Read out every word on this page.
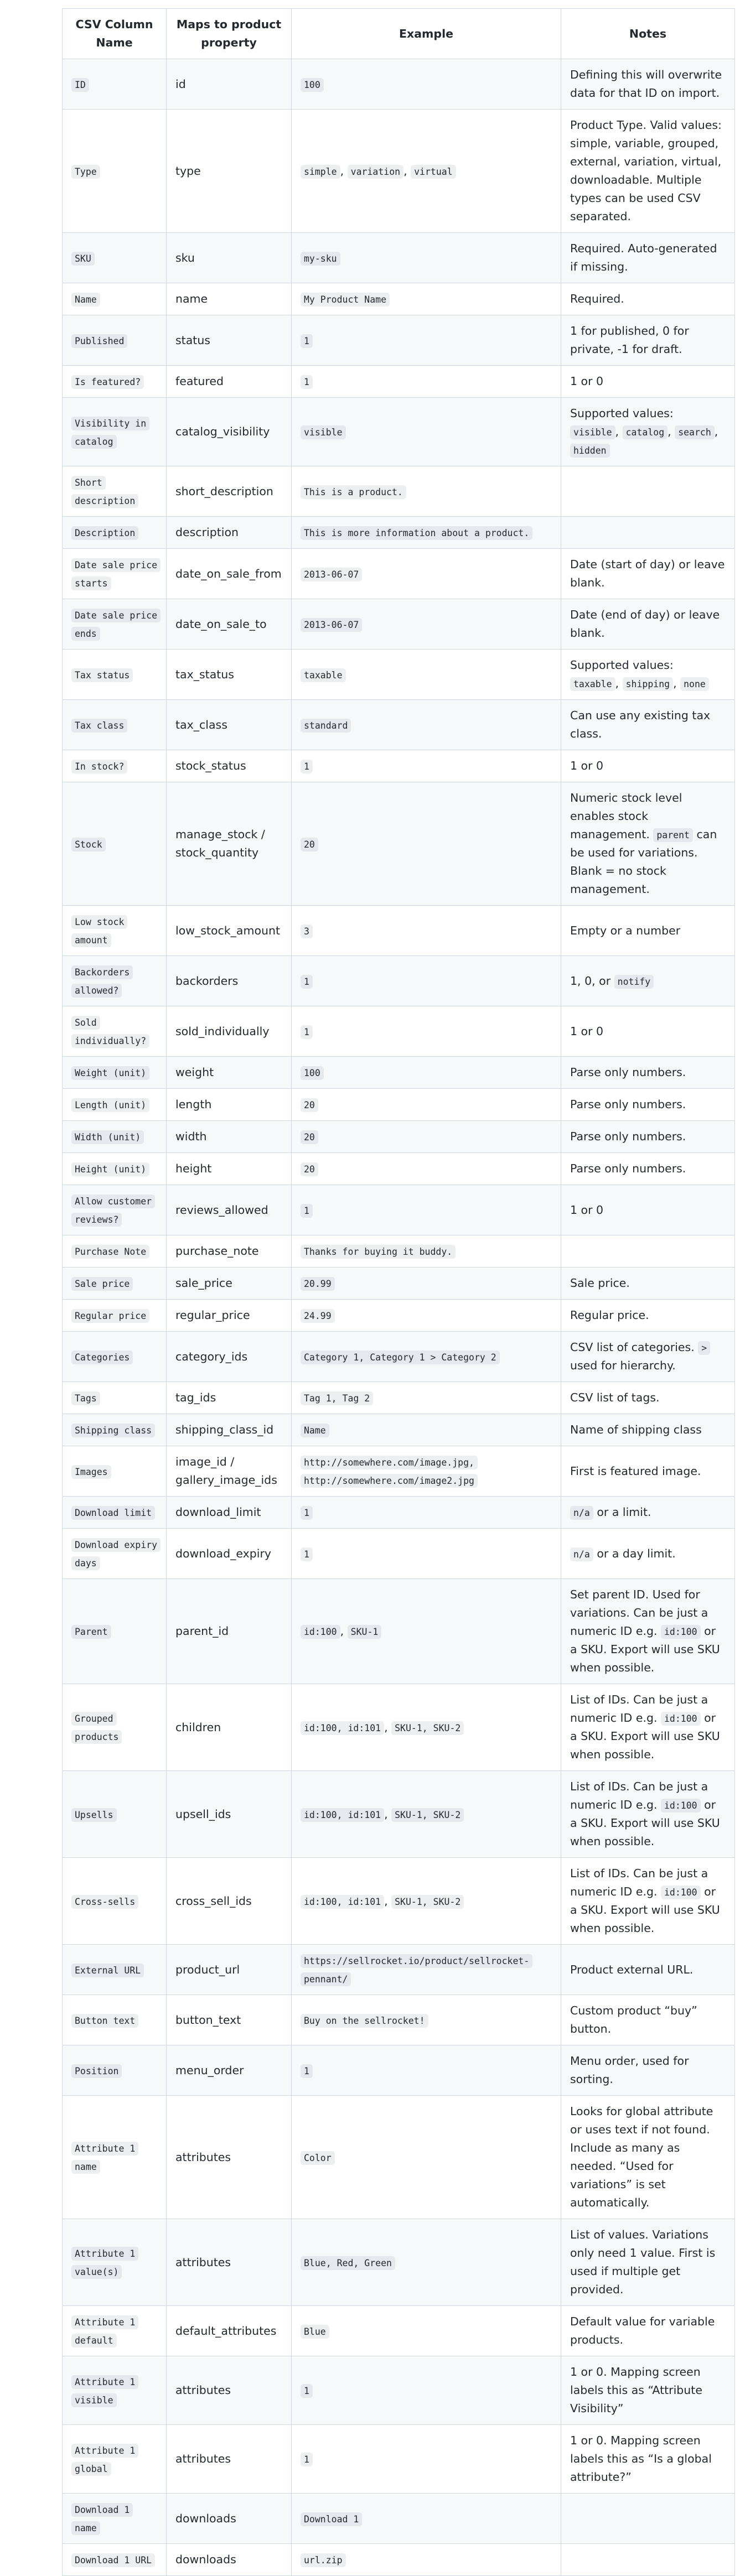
CSV Column Name	Maps to product property	Example	Notes
ID	id	100	Defining this will overwrite data for that ID on import.
Type	type	simple , variation , virtual	Product Type. Valid values: simple, variable, grouped, external, variation, virtual, downloadable. Multiple types can be used CSV separated.
SKU	sku	my-sku	Required. Auto-generated if missing.
Name	name	My Product Name	Required.
Published	status	1	1 for published, 0 for private, -1 for draft.
Is featured?	featured	1	1 or 0
Visibility in catalog	catalog_visibility	visible	Supported values: visible , catalog , search , hidden
Short description	short_description	This is a product.	
Description	description	This is more information about a product.	
Date sale price starts	date_on_sale_from	2013-06-07	Date (start of day) or leave blank.
Date sale price ends	date_on_sale_to	2013-06-07	Date (end of day) or leave blank.
Tax status	tax_status	taxable	Supported values: taxable , shipping , none
Tax class	tax_class	standard	Can use any existing tax class.
In stock?	stock_status	1	1 or 0
Stock	manage_stock / stock_quantity	20	Numeric stock level enables stock management. parent can be used for variations. Blank = no stock management.
Low stock amount	low_stock_amount	3	Empty or a number
Backorders allowed?	backorders	1	1, 0, or notify
Sold individually?	sold_individually	1	1 or 0
Weight (unit)	weight	100	Parse only numbers.
Length (unit)	length	20	Parse only numbers.
Width (unit)	width	20	Parse only numbers.
Height (unit)	height	20	Parse only numbers.
Allow customer reviews?	reviews_allowed	1	1 or 0
Purchase Note	purchase_note	Thanks for buying it buddy.	
Sale price	sale_price	20.99	Sale price.
Regular price	regular_price	24.99	Regular price.
Categories	category_ids	Category 1, Category 1 > Category 2	CSV list of categories. > used for hierarchy.
Tags	tag_ids	Tag 1, Tag 2	CSV list of tags.
Shipping class	shipping_class_id	Name	Name of shipping class
Images	image_id / gallery_image_ids	http://somewhere.com/image.jpg, http://somewhere.com/image2.jpg	First is featured image.
Download limit	download_limit	1	n/a or a limit.
Download expiry days	download_expiry	1	n/a or a day limit.
Parent	parent_id	id:100 , SKU-1	Set parent ID. Used for variations. Can be just a numeric ID e.g. id:100 or a SKU. Export will use SKU when possible.
Grouped products	children	id:100, id:101 , SKU-1, SKU-2	List of IDs. Can be just a numeric ID e.g. id:100 or a SKU. Export will use SKU when possible.
Upsells	upsell_ids	id:100, id:101 , SKU-1, SKU-2	List of IDs. Can be just a numeric ID e.g. id:100 or a SKU. Export will use SKU when possible.
Cross-sells	cross_sell_ids	id:100, id:101 , SKU-1, SKU-2	List of IDs. Can be just a numeric ID e.g. id:100 or a SKU. Export will use SKU when possible.
External URL	product_url	https://sellrocket.io/product/sellrocket-pennant/	Product external URL.
Button text	button_text	Buy on the sellrocket!	Custom product “buy” button.
Position	menu_order	1	Menu order, used for sorting.
Attribute 1 name	attributes	Color	Looks for global attribute or uses text if not found. Include as many as needed. “Used for variations” is set automatically.
Attribute 1 value(s)	attributes	Blue, Red, Green	List of values. Variations only need 1 value. First is used if multiple get provided.
Attribute 1 default	default_attributes	Blue	Default value for variable products.
Attribute 1 visible	attributes	1	1 or 0. Mapping screen labels this as “Attribute Visibility”
Attribute 1 global	attributes	1	1 or 0. Mapping screen labels this as “Is a global attribute?”
Download 1 name	downloads	Download 1	
Download 1 URL	downloads	url.zip	
